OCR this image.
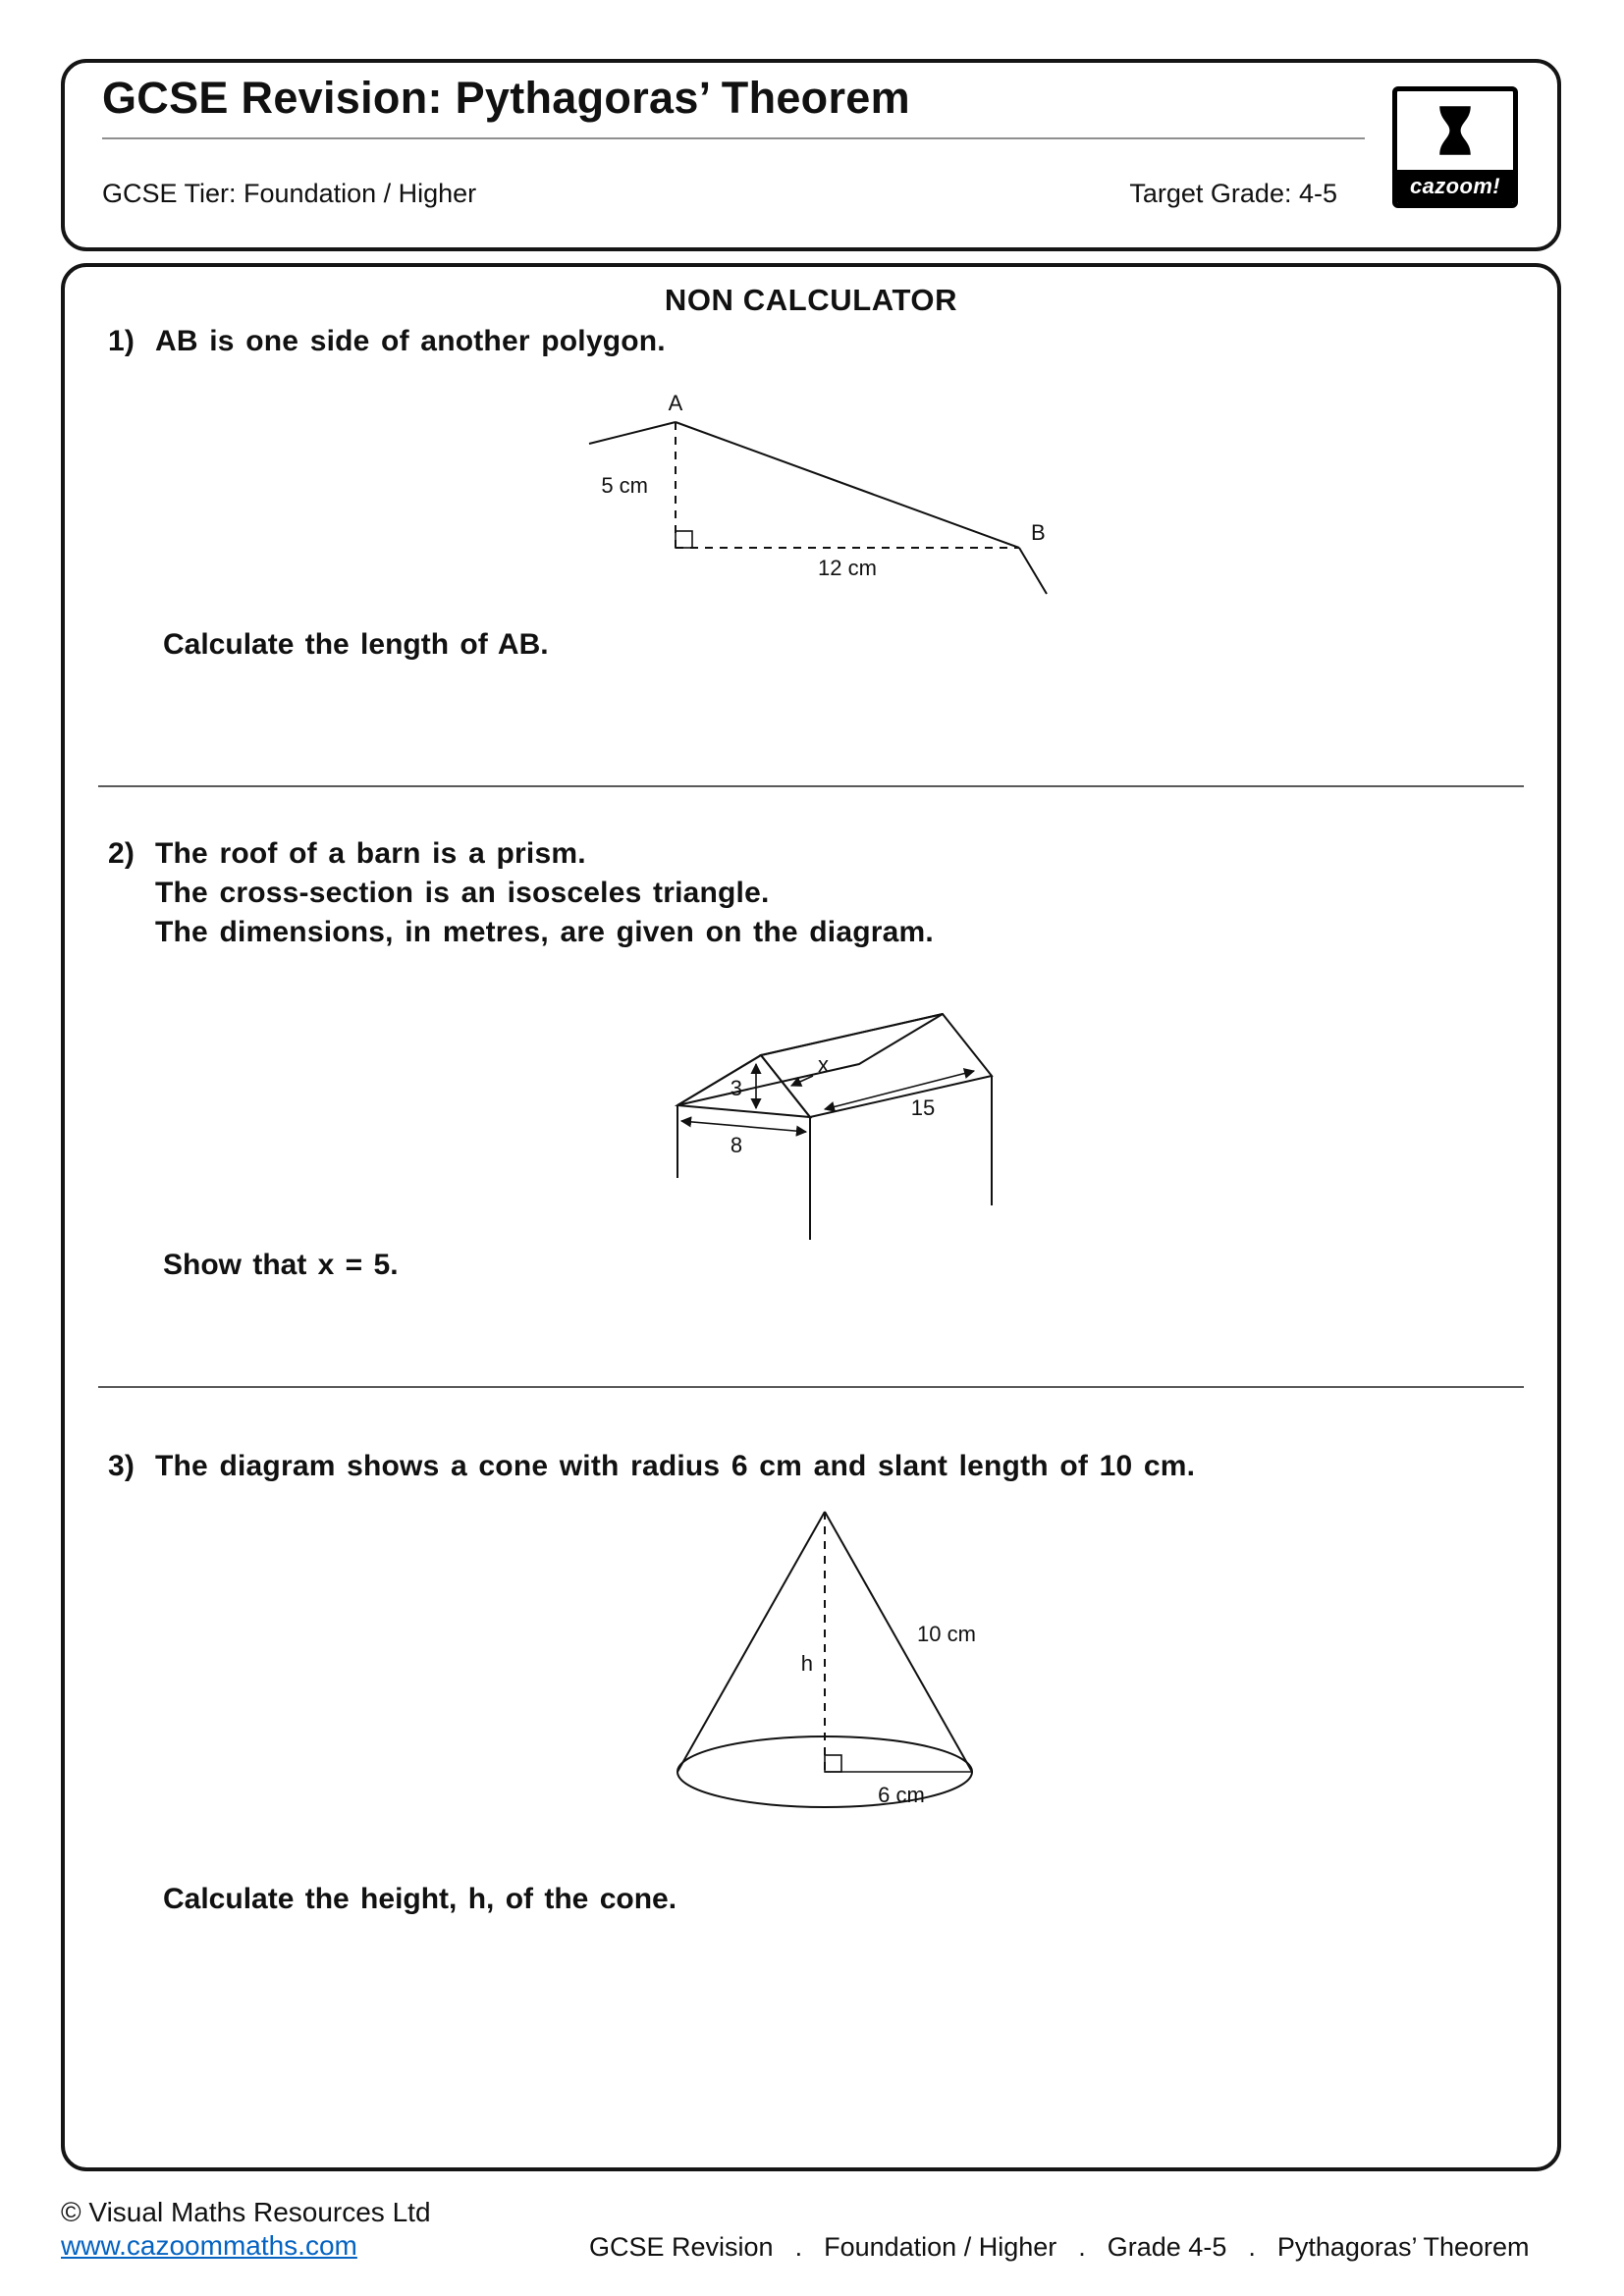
GCSE Revision: Pythagoras’ Theorem
GCSE Tier: Foundation / Higher	Target Grade: 4-5	cazoom!
NON CALCULATOR
1) AB is one side of another polygon.
A
B
5 cm
12 cm
Calculate the length of AB.
2) The roof of a barn is a prism.
The cross-section is an isosceles triangle.
The dimensions, in metres, are given on the diagram.
3
x
15
8
Show that x = 5.
3) The diagram shows a cone with radius 6 cm and slant length of 10 cm.
h
10 cm
6 cm
Calculate the height, h, of the cone.
© Visual Maths Resources Ltd
www.cazoommaths.com	GCSE Revision . Foundation / Higher . Grade 4-5 . Pythagoras’ Theorem
